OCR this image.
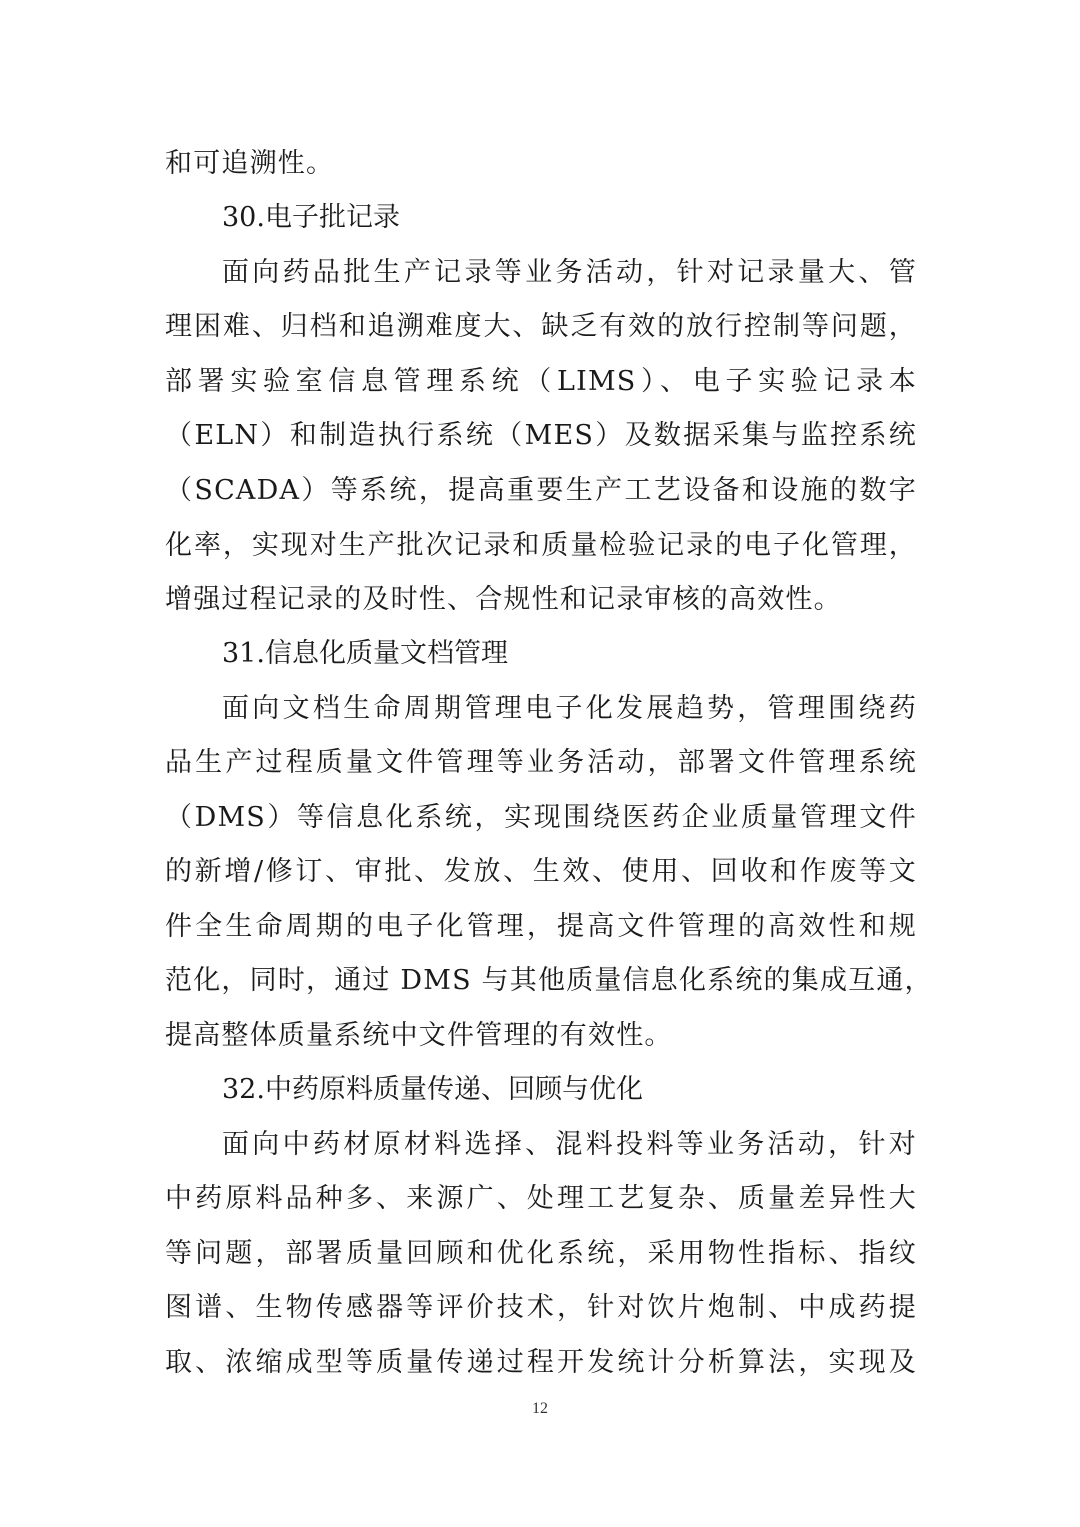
和可追溯性。
30.电子批记录
面向药品批生产记录等业务活动，针对记录量大、管
理困难、归档和追溯难度大、缺乏有效的放行控制等问题，
部署实验室信息管理系统（LIMS）、电子实验记录本
（ELN）和制造执行系统（MES）及数据采集与监控系统
（SCADA）等系统，提高重要生产工艺设备和设施的数字
化率，实现对生产批次记录和质量检验记录的电子化管理，
增强过程记录的及时性、合规性和记录审核的高效性。
31.信息化质量文档管理
面向文档生命周期管理电子化发展趋势，管理围绕药
品生产过程质量文件管理等业务活动，部署文件管理系统
（DMS）等信息化系统，实现围绕医药企业质量管理文件
的新增/修订、审批、发放、生效、使用、回收和作废等文
件全生命周期的电子化管理，提高文件管理的高效性和规
范化，同时，通过 DMS 与其他质量信息化系统的集成互通，
提高整体质量系统中文件管理的有效性。
32.中药原料质量传递、回顾与优化
面向中药材原材料选择、混料投料等业务活动，针对
中药原料品种多、来源广、处理工艺复杂、质量差异性大
等问题，部署质量回顾和优化系统，采用物性指标、指纹
图谱、生物传感器等评价技术，针对饮片炮制、中成药提
取、浓缩成型等质量传递过程开发统计分析算法，实现及
12
